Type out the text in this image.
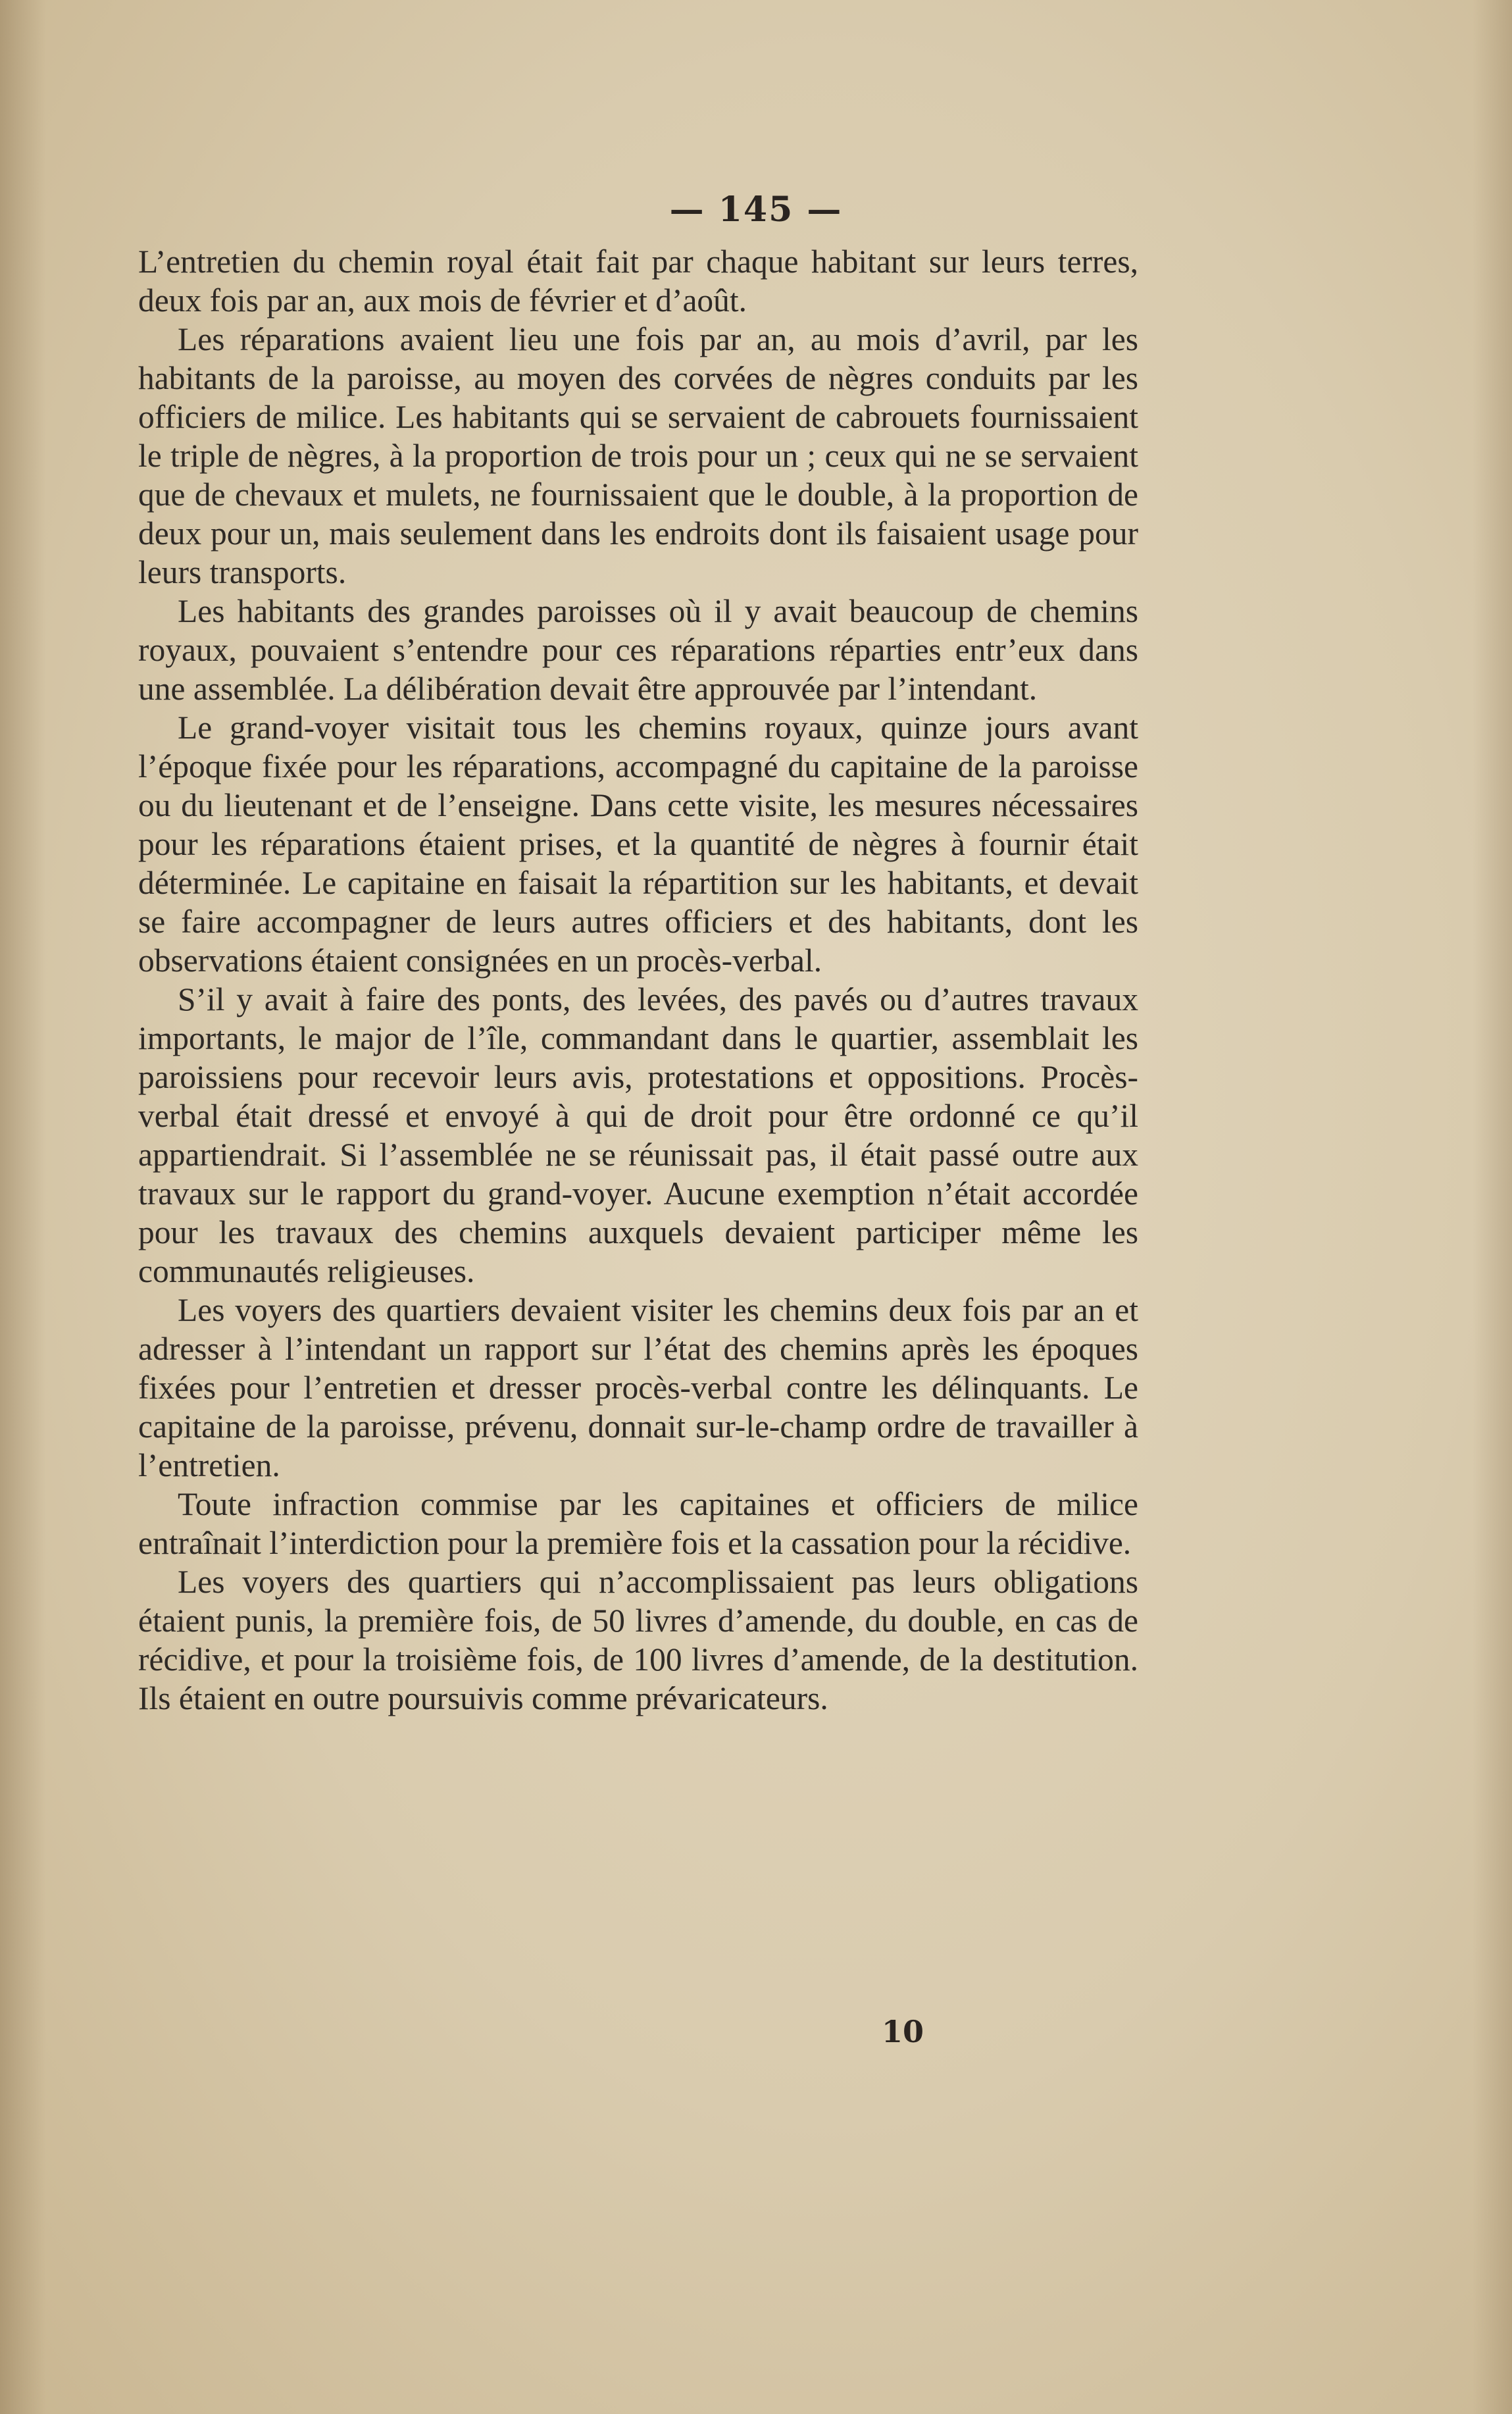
— 145 —

L’entretien du chemin royal était fait par chaque habitant sur leurs terres, deux fois par an, aux mois de février et d’août.

Les réparations avaient lieu une fois par an, au mois d’avril, par les habitants de la paroisse, au moyen des corvées de nègres conduits par les officiers de milice. Les habitants qui se servaient de cabrouets fournissaient le triple de nègres, à la proportion de trois pour un ; ceux qui ne se servaient que de chevaux et mulets, ne fournissaient que le double, à la proportion de deux pour un, mais seulement dans les endroits dont ils faisaient usage pour leurs transports.

Les habitants des grandes paroisses où il y avait beaucoup de chemins royaux, pouvaient s’entendre pour ces réparations réparties entr’eux dans une assemblée. La délibération devait être approuvée par l’intendant.

Le grand-voyer visitait tous les chemins royaux, quinze jours avant l’époque fixée pour les réparations, accompagné du capitaine de la paroisse ou du lieutenant et de l’enseigne. Dans cette visite, les mesures nécessaires pour les réparations étaient prises, et la quantité de nègres à fournir était déterminée. Le capitaine en faisait la répartition sur les habitants, et devait se faire accompagner de leurs autres officiers et des habitants, dont les observations étaient consignées en un procès-verbal.

S’il y avait à faire des ponts, des levées, des pavés ou d’autres travaux importants, le major de l’île, commandant dans le quartier, assemblait les paroissiens pour recevoir leurs avis, protestations et oppositions. Procès-verbal était dressé et envoyé à qui de droit pour être ordonné ce qu’il appartiendrait. Si l’assemblée ne se réunissait pas, il était passé outre aux travaux sur le rapport du grand-voyer. Aucune exemption n’était accordée pour les travaux des chemins auxquels devaient participer même les communautés religieuses.

Les voyers des quartiers devaient visiter les chemins deux fois par an et adresser à l’intendant un rapport sur l’état des chemins après les époques fixées pour l’entretien et dresser procès-verbal contre les délinquants. Le capitaine de la paroisse, prévenu, donnait sur-le-champ ordre de travailler à l’entretien.

Toute infraction commise par les capitaines et officiers de milice entraînait l’interdiction pour la première fois et la cassation pour la récidive.

Les voyers des quartiers qui n’accomplissaient pas leurs obligations étaient punis, la première fois, de 50 livres d’amende, du double, en cas de récidive, et pour la troisième fois, de 100 livres d’amende, de la destitution. Ils étaient en outre poursuivis comme prévaricateurs.

10
